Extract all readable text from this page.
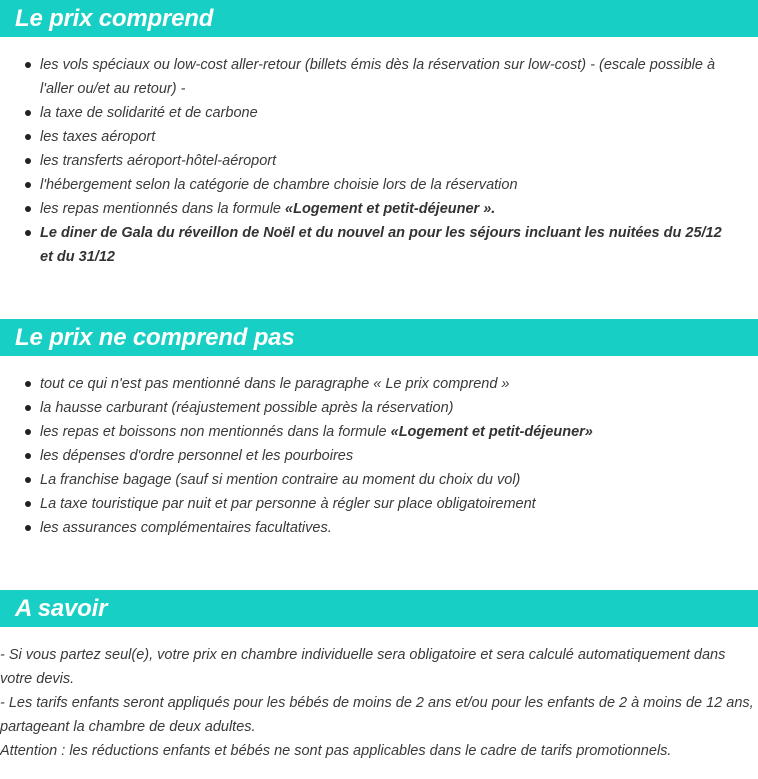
Le prix comprend
les vols spéciaux ou low-cost aller-retour (billets émis dès la réservation sur low-cost) - (escale possible à l'aller ou/et au retour) -
la taxe de solidarité et de carbone
les taxes aéroport
les transferts aéroport-hôtel-aéroport
l'hébergement selon la catégorie de chambre choisie lors de la réservation
les repas mentionnés dans la formule «Logement et petit-déjeuner ».
Le diner de Gala du réveillon de Noël et du nouvel an pour les séjours incluant les nuitées du 25/12 et du 31/12
Le prix ne comprend pas
tout ce qui n'est pas mentionné dans le paragraphe « Le prix comprend »
la hausse carburant (réajustement possible après la réservation)
les repas et boissons non mentionnés dans la formule «Logement et petit-déjeuner»
les dépenses d'ordre personnel et les pourboires
La franchise bagage (sauf si mention contraire au moment du choix du vol)
La taxe touristique par nuit et par personne à régler sur place obligatoirement
les assurances complémentaires facultatives.
A savoir

- Si vous partez seul(e), votre prix en chambre individuelle sera obligatoire et sera calculé automatiquement dans votre devis.

- Les tarifs enfants seront appliqués pour les bébés de moins de 2 ans et/ou pour les enfants de 2 à moins de 12 ans, partageant la chambre de deux adultes.

Attention : les réductions enfants et bébés ne sont pas applicables dans le cadre de tarifs promotionnels.
